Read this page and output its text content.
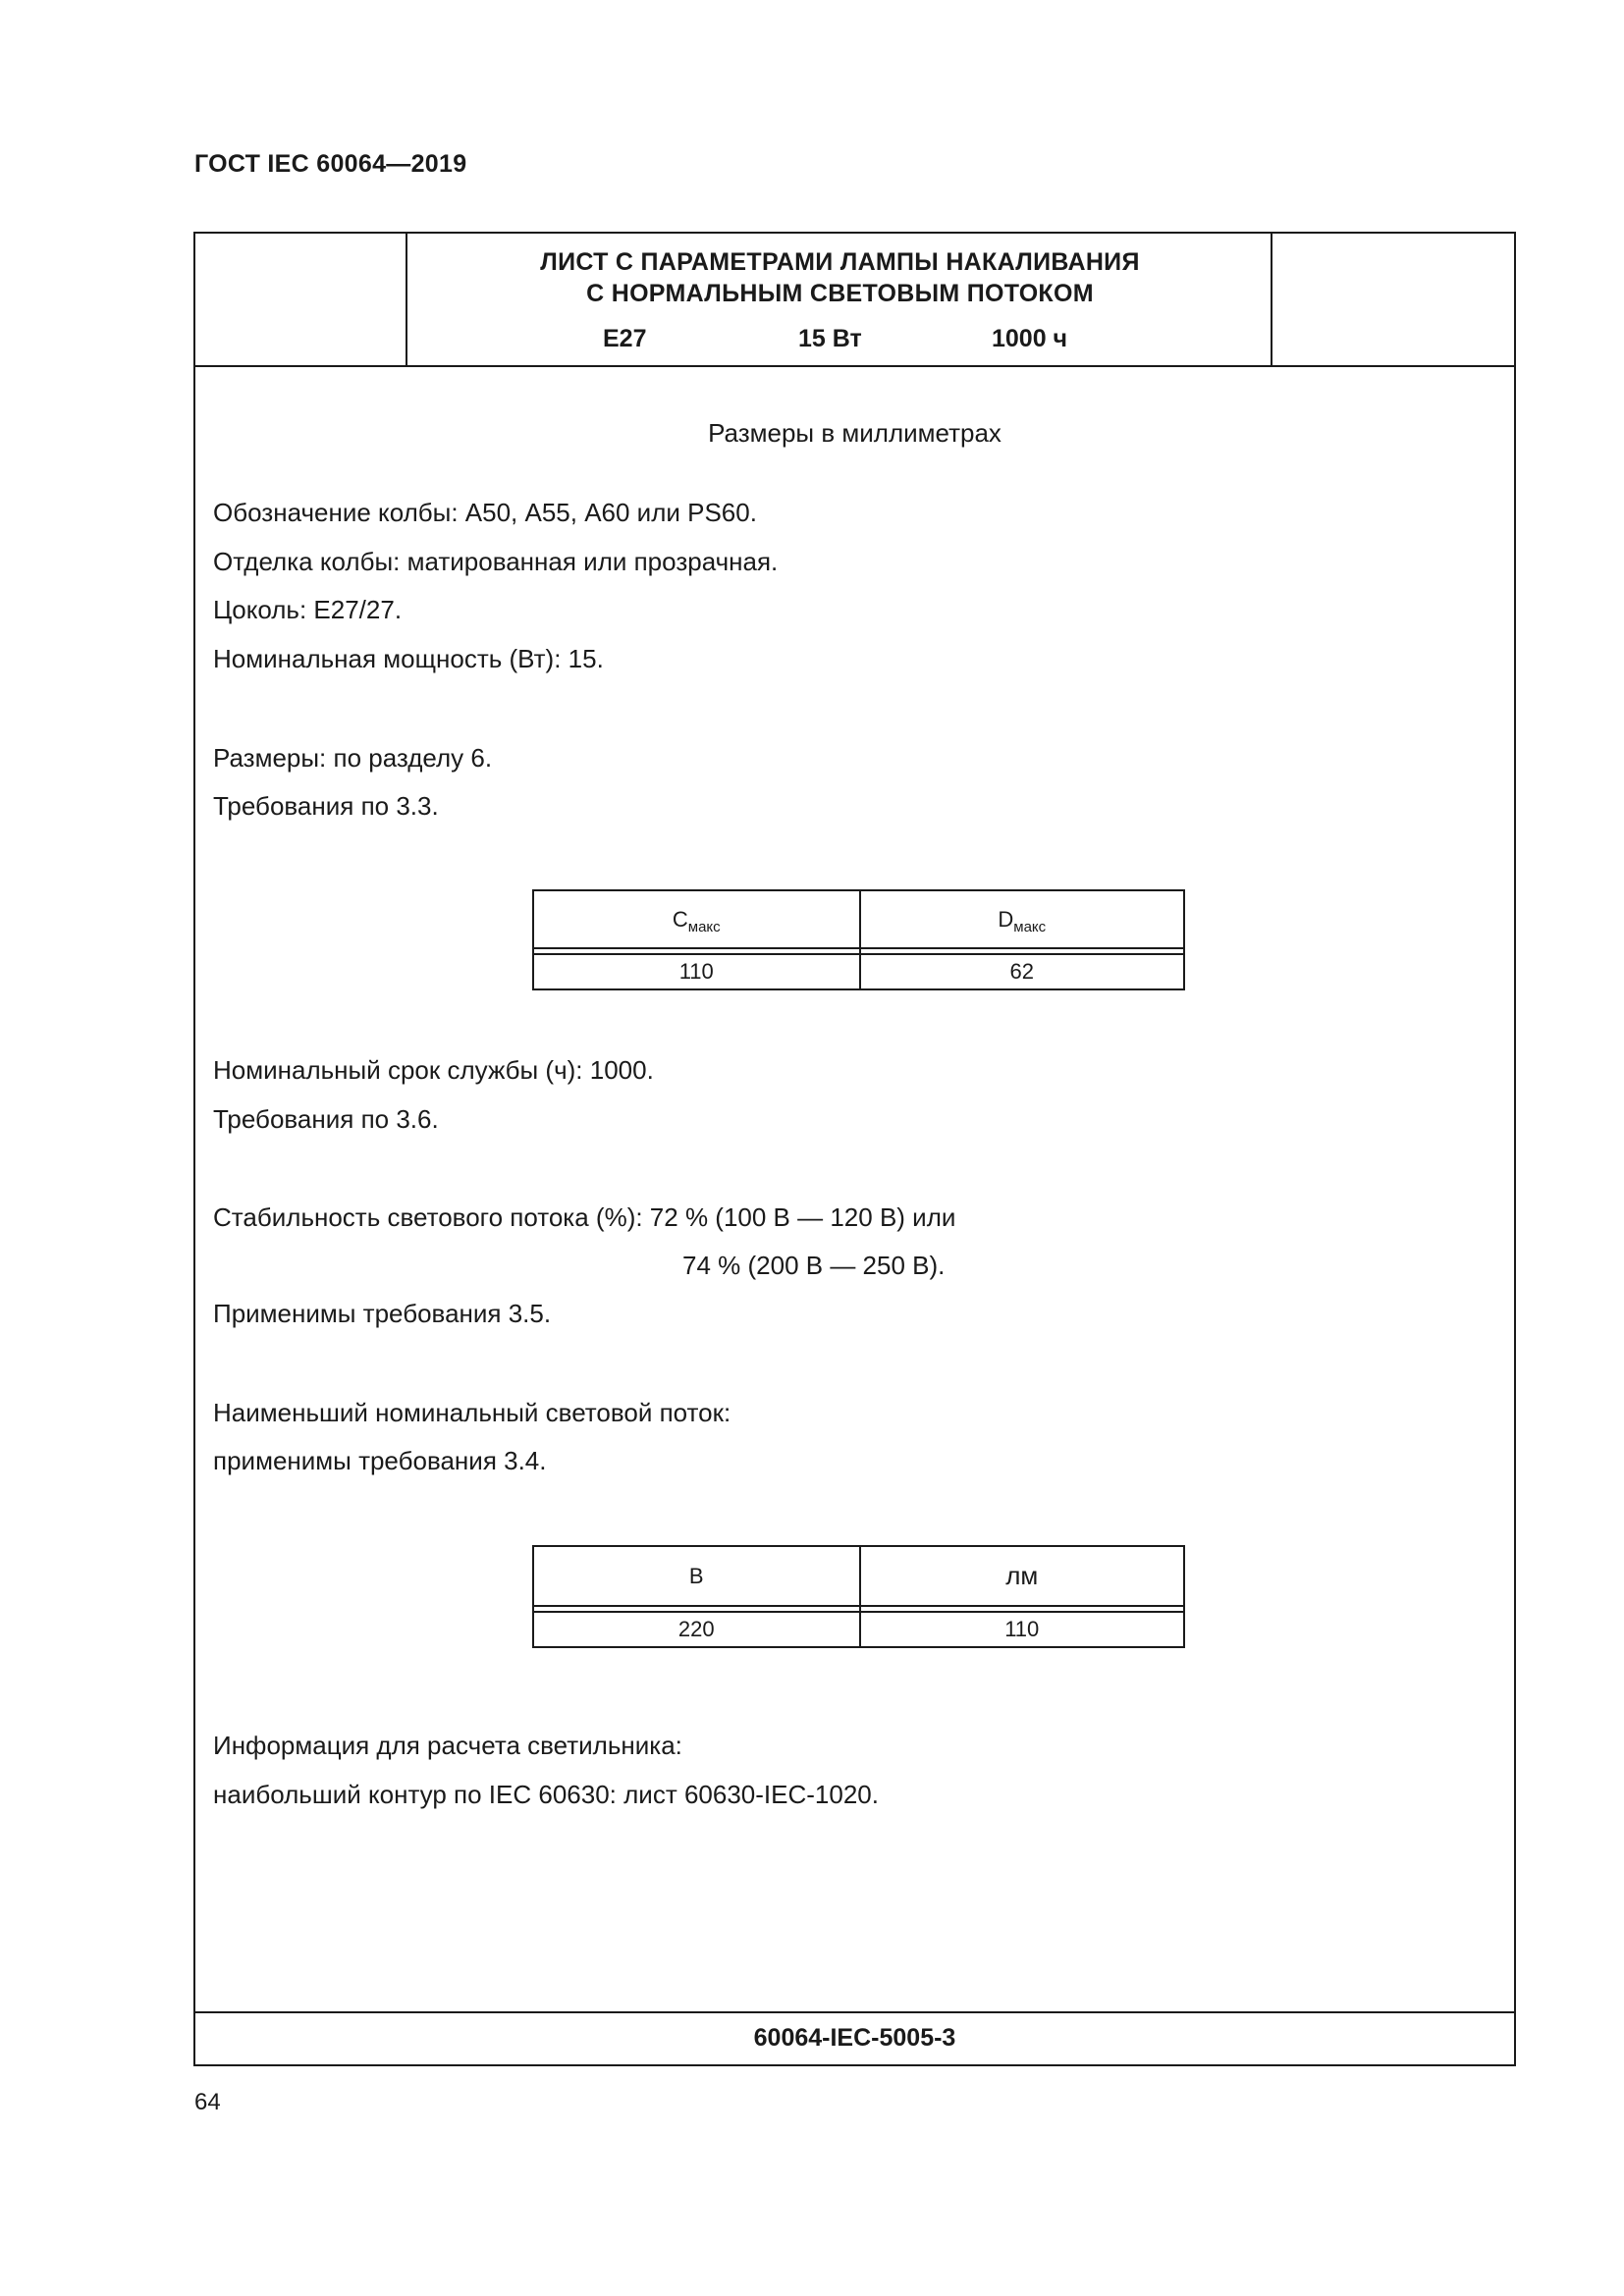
ГОСТ IEC 60064—2019
ЛИСТ С ПАРАМЕТРАМИ ЛАМПЫ НАКАЛИВАНИЯ
С НОРМАЛЬНЫМ СВЕТОВЫМ ПОТОКОМ
E27	15 Вт	1000 ч
Размеры в миллиметрах
Обозначение колбы: А50, А55, А60 или PS60.
Отделка колбы: матированная или прозрачная.
Цоколь: Е27/27.
Номинальная мощность (Вт): 15.
Размеры: по разделу 6.
Требования по 3.3.
$C_{макс}$	$D_{макс}$
110	62
Номинальный срок службы (ч): 1000.
Требования по 3.6.
Стабильность светового потока (%): 72 % (100 В — 120 В) или
74 % (200 В — 250 В).
Применимы требования 3.5.
Наименьший номинальный световой поток:
применимы требования 3.4.
В	лм
220	110
Информация для расчета светильника:
наибольший контур по IEC 60630: лист 60630-IEC-1020.
60064-IEC-5005-3
64
